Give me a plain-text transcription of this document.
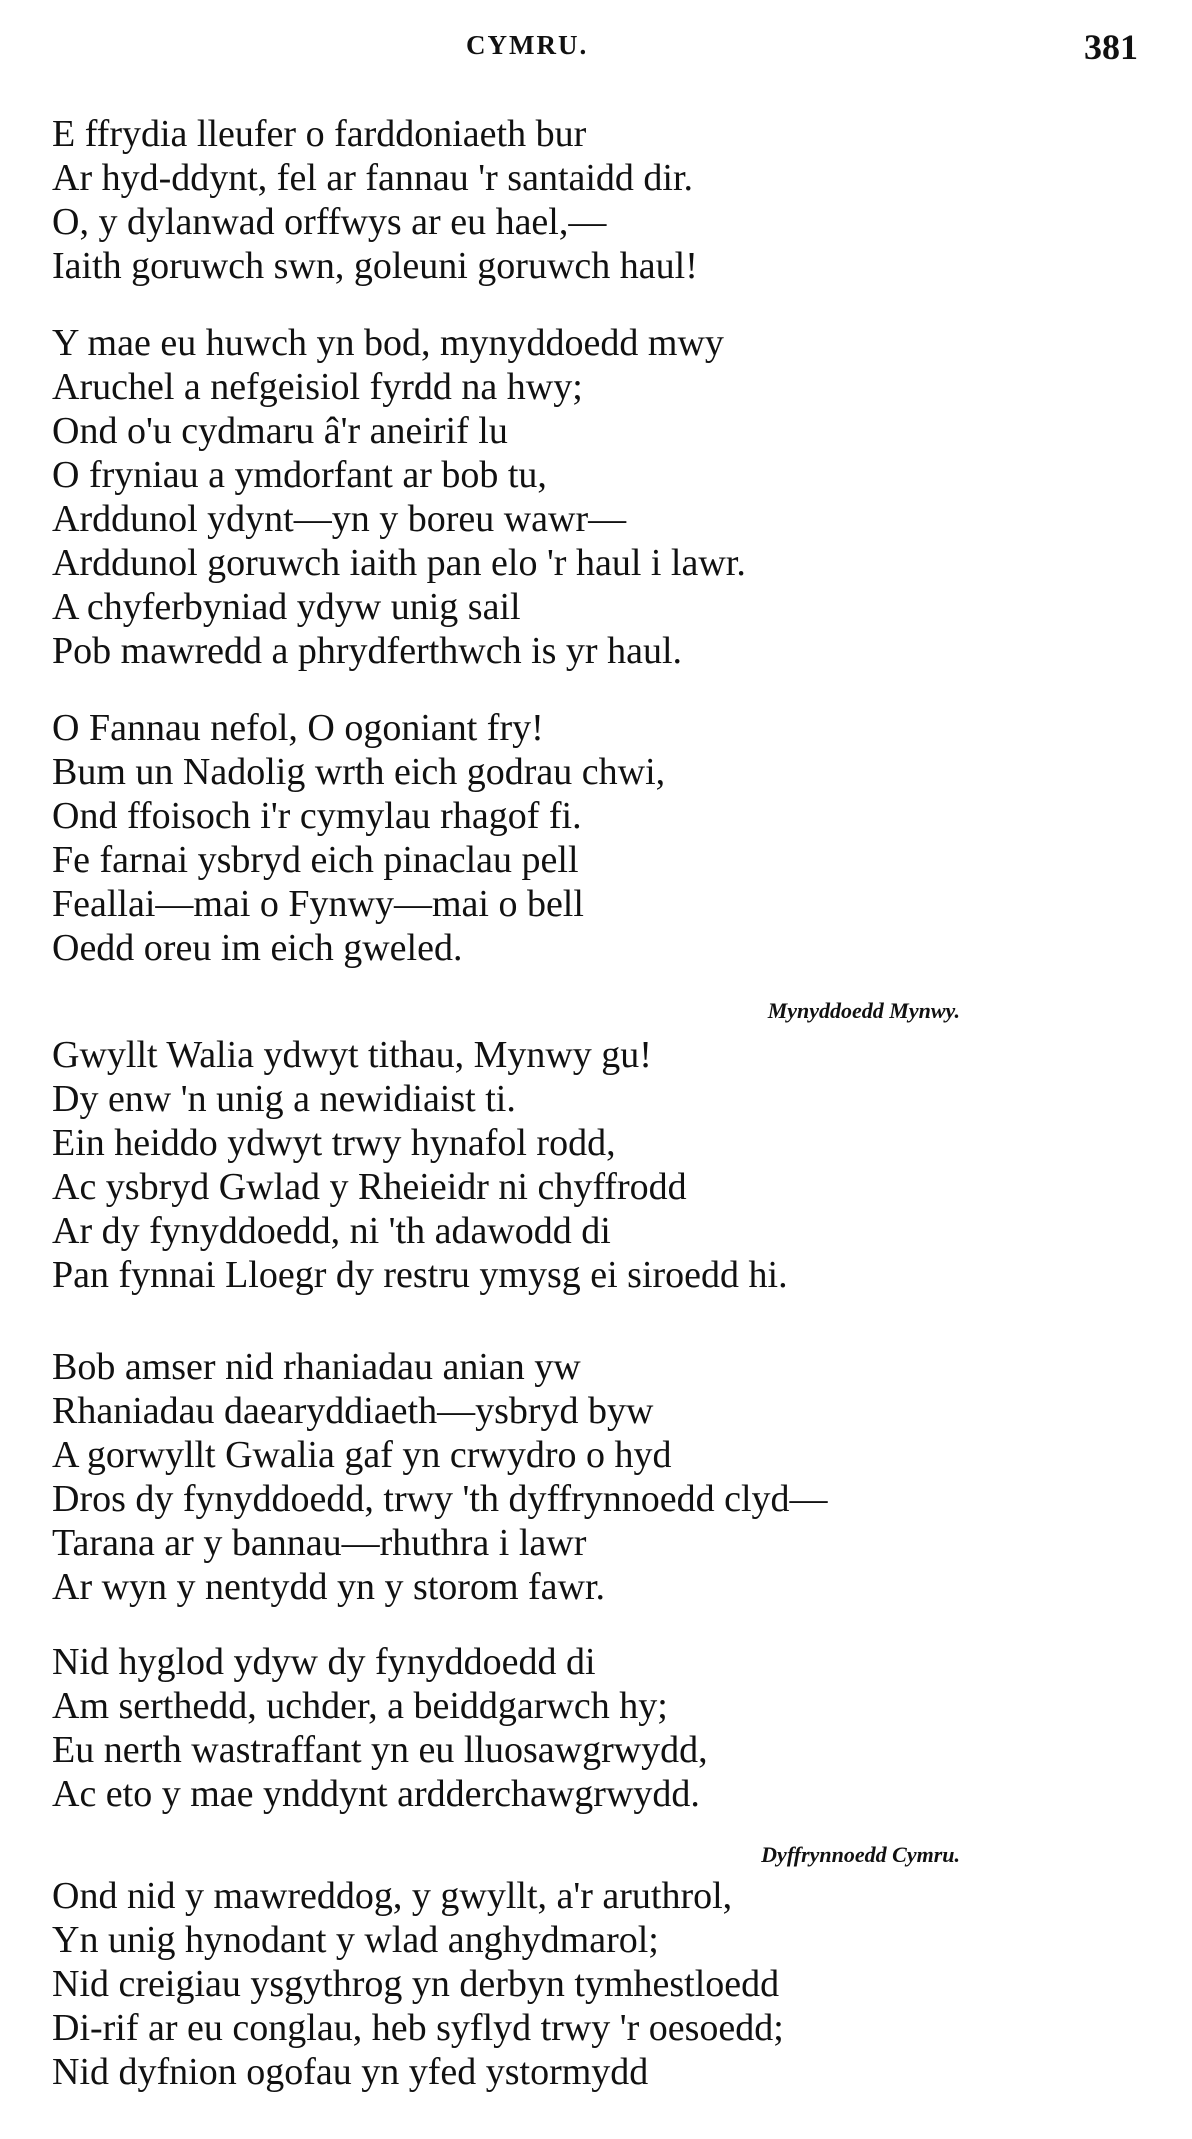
CYMRU.	381
E ffrydia lleufer o farddoniaeth bur
Ar hyd-ddynt, fel ar fannau 'r santaidd dir.
O, y dylanwad orffwys ar eu hael,—
Iaith goruwch swn, goleuni goruwch haul!
Y mae eu huwch yn bod, mynyddoedd mwy
Aruchel a nefgeisiol fyrdd na hwy;
Ond o'u cydmaru â'r aneirif lu
O fryniau a ymdorfant ar bob tu,
Arddunol ydynt—yn y boreu wawr—
Arddunol goruwch iaith pan elo 'r haul i lawr.
A chyferbyniad ydyw unig sail
Pob mawredd a phrydferthwch is yr haul.
O Fannau nefol, O ogoniant fry!
Bum un Nadolig wrth eich godrau chwi,
Ond ffoisoch i'r cymylau rhagof fi.
Fe farnai ysbryd eich pinaclau pell
Feallai—mai o Fynwy—mai o bell
Oedd oreu im eich gweled.
Mynyddoedd Mynwy.
Gwyllt Walia ydwyt tithau, Mynwy gu!
Dy enw 'n unig a newidiaist ti.
Ein heiddo ydwyt trwy hynafol rodd,
Ac ysbryd Gwlad y Rheieidr ni chyffrodd
Ar dy fynyddoedd, ni 'th adawodd di
Pan fynnai Lloegr dy restru ymysg ei siroedd hi.
Bob amser nid rhaniadau anian yw
Rhaniadau daearyddiaeth—ysbryd byw
A gorwyllt Gwalia gaf yn crwydro o hyd
Dros dy fynyddoedd, trwy 'th dyffrynnoedd clyd—
Tarana ar y bannau—rhuthra i lawr
Ar wyn y nentydd yn y storom fawr.
Nid hyglod ydyw dy fynyddoedd di
Am serthedd, uchder, a beiddgarwch hy;
Eu nerth wastraffant yn eu lluosawgrwydd,
Ac eto y mae ynddynt ardderchawgrwydd.
Dyffrynnoedd Cymru.
Ond nid y mawreddog, y gwyllt, a'r aruthrol,
Yn unig hynodant y wlad anghydmarol;
Nid creigiau ysgythrog yn derbyn tymhestloedd
Di-rif ar eu conglau, heb syflyd trwy 'r oesoedd;
Nid dyfnion ogofau yn yfed ystormydd
